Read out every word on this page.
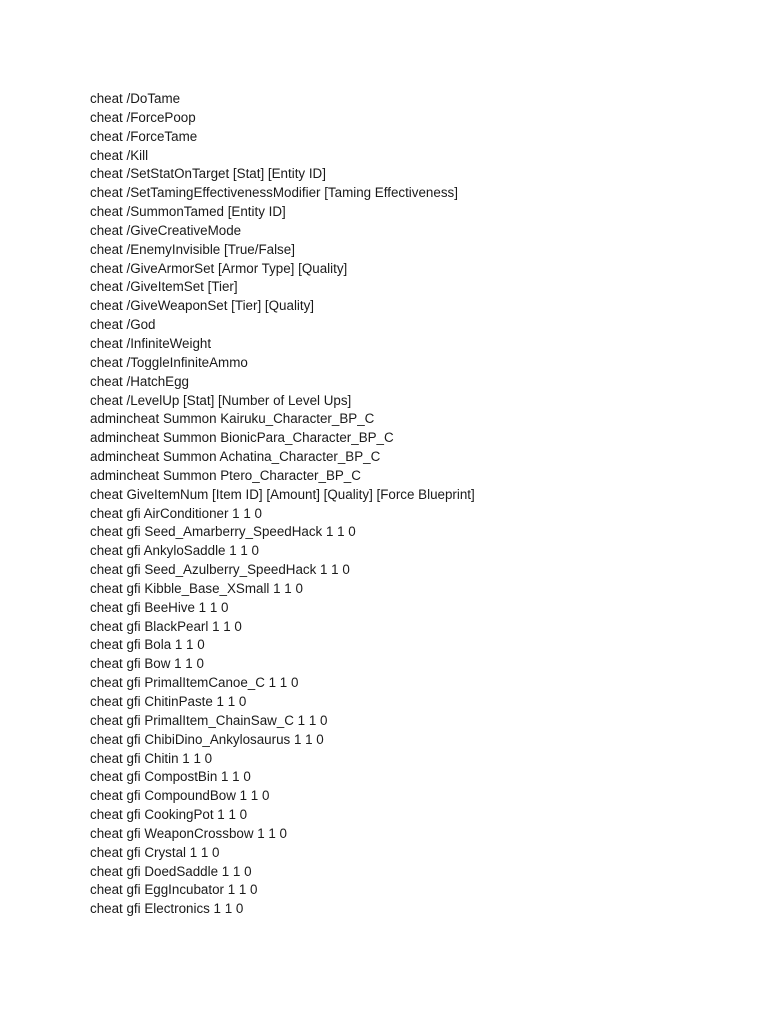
cheat /DoTame
cheat /ForcePoop
cheat /ForceTame
cheat /Kill
cheat /SetStatOnTarget [Stat] [Entity ID]
cheat /SetTamingEffectivenessModifier [Taming Effectiveness]
cheat /SummonTamed [Entity ID]
cheat /GiveCreativeMode
cheat /EnemyInvisible [True/False]
cheat /GiveArmorSet [Armor Type] [Quality]
cheat /GiveItemSet [Tier]
cheat /GiveWeaponSet [Tier] [Quality]
cheat /God
cheat /InfiniteWeight
cheat /ToggleInfiniteAmmo
cheat /HatchEgg
cheat /LevelUp [Stat] [Number of Level Ups]
admincheat Summon Kairuku_Character_BP_C
admincheat Summon BionicPara_Character_BP_C
admincheat Summon Achatina_Character_BP_C
admincheat Summon Ptero_Character_BP_C
cheat GiveItemNum [Item ID] [Amount] [Quality] [Force Blueprint]
cheat gfi AirConditioner 1 1 0
cheat gfi Seed_Amarberry_SpeedHack 1 1 0
cheat gfi AnkyloSaddle 1 1 0
cheat gfi Seed_Azulberry_SpeedHack 1 1 0
cheat gfi Kibble_Base_XSmall 1 1 0
cheat gfi BeeHive 1 1 0
cheat gfi BlackPearl 1 1 0
cheat gfi Bola 1 1 0
cheat gfi Bow 1 1 0
cheat gfi PrimalItemCanoe_C 1 1 0
cheat gfi ChitinPaste 1 1 0
cheat gfi PrimalItem_ChainSaw_C 1 1 0
cheat gfi ChibiDino_Ankylosaurus 1 1 0
cheat gfi Chitin 1 1 0
cheat gfi CompostBin 1 1 0
cheat gfi CompoundBow 1 1 0
cheat gfi CookingPot 1 1 0
cheat gfi WeaponCrossbow 1 1 0
cheat gfi Crystal 1 1 0
cheat gfi DoedSaddle 1 1 0
cheat gfi EggIncubator 1 1 0
cheat gfi Electronics 1 1 0
